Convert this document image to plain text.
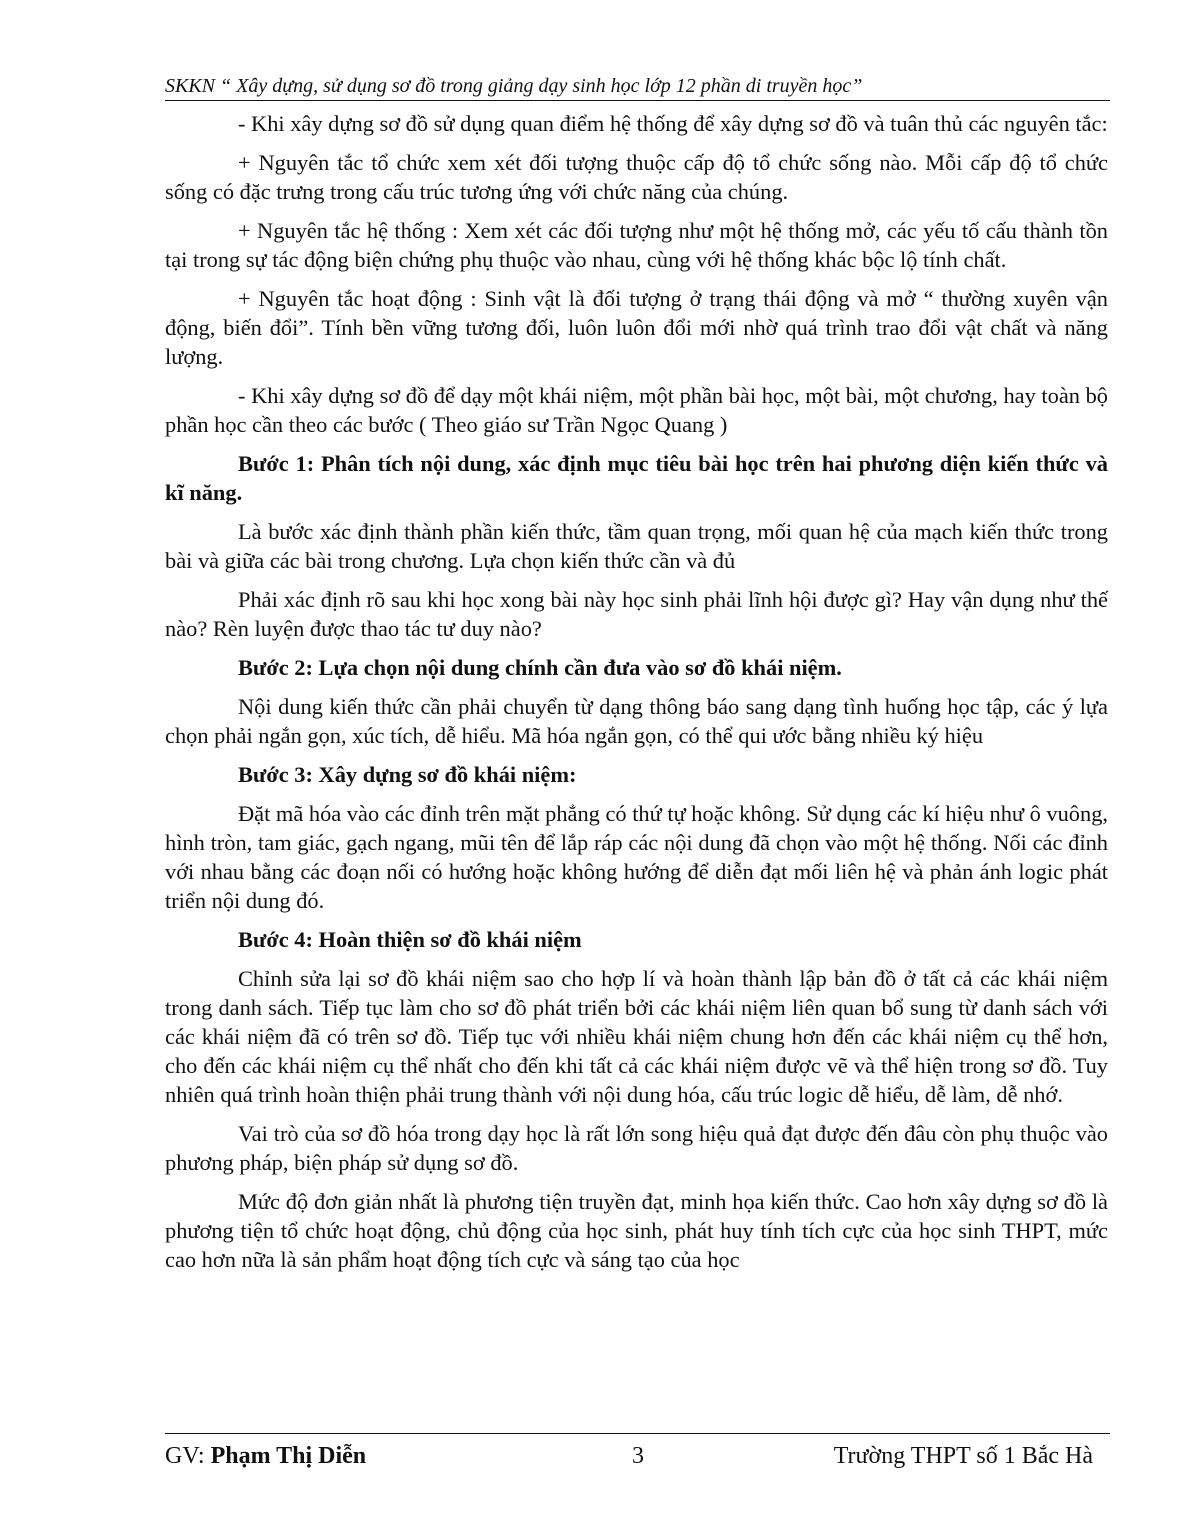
SKKN “ Xây dựng, sử dụng sơ đồ trong giảng dạy sinh học lớp 12 phần di truyền học”

- Khi xây dựng sơ đồ sử dụng quan điểm hệ thống để xây dựng sơ đồ và tuân thủ các nguyên tắc:

+ Nguyên tắc tổ chức xem xét đối tượng thuộc cấp độ tổ chức sống nào. Mỗi cấp độ tổ chức sống có đặc trưng trong cấu trúc tương ứng với chức năng của chúng.

+ Nguyên tắc hệ thống : Xem xét các đối tượng như một hệ thống mở, các yếu tố cấu thành tồn tại trong sự tác động biện chứng phụ thuộc vào nhau, cùng với hệ thống khác bộc lộ tính chất.

+ Nguyên tắc hoạt động : Sinh vật là đối tượng ở trạng thái động và mở “ thường xuyên vận động, biến đổi”. Tính bền vững tương đối, luôn luôn đổi mới nhờ quá trình trao đổi vật chất và năng lượng.

- Khi xây dựng sơ đồ để dạy một khái niệm, một phần bài học, một bài, một chương, hay toàn bộ phần học cần theo các bước ( Theo giáo sư Trần Ngọc Quang )

Bước 1: Phân tích nội dung, xác định mục tiêu bài học trên hai phương diện kiến thức và kĩ năng.

Là bước xác định thành phần kiến thức, tầm quan trọng, mối quan hệ của mạch kiến thức trong bài và giữa các bài trong chương. Lựa chọn kiến thức cần và đủ

Phải xác định rõ sau khi học xong bài này học sinh phải lĩnh hội được gì? Hay vận dụng như thế nào? Rèn luyện được thao tác tư duy nào?

Bước 2: Lựa chọn nội dung chính cần đưa vào sơ đồ khái niệm.

Nội dung kiến thức cần phải chuyển từ dạng thông báo sang dạng tình huống học tập, các ý lựa chọn phải ngắn gọn, xúc tích, dễ hiểu. Mã hóa ngắn gọn, có thể qui ước bằng nhiều ký hiệu

Bước 3: Xây dựng sơ đồ khái niệm:

Đặt mã hóa vào các đỉnh trên mặt phẳng có thứ tự hoặc không. Sử dụng các kí hiệu như ô vuông, hình tròn, tam giác, gạch ngang, mũi tên để lắp ráp các nội dung đã chọn vào một hệ thống. Nối các đỉnh với nhau bằng các đoạn nối có hướng hoặc không hướng để diễn đạt mối liên hệ và phản ánh logic phát triển nội dung đó.

Bước 4: Hoàn thiện sơ đồ khái niệm

Chỉnh sửa lại sơ đồ khái niệm sao cho hợp lí và hoàn thành lập bản đồ ở tất cả các khái niệm trong danh sách. Tiếp tục làm cho sơ đồ phát triển bởi các khái niệm liên quan bổ sung từ danh sách với các khái niệm đã có trên sơ đồ. Tiếp tục với nhiều khái niệm chung hơn đến các khái niệm cụ thể hơn, cho đến các khái niệm cụ thể nhất cho đến khi tất cả các khái niệm được vẽ và thể hiện trong sơ đồ. Tuy nhiên quá trình hoàn thiện phải trung thành với nội dung hóa, cấu trúc logic dễ hiểu, dễ làm, dễ nhớ.

Vai trò của sơ đồ hóa trong dạy học là rất lớn song hiệu quả đạt được đến đâu còn phụ thuộc vào phương pháp, biện pháp sử dụng sơ đồ.

Mức độ đơn giản nhất là phương tiện truyền đạt, minh họa kiến thức. Cao hơn xây dựng sơ đồ là phương tiện tổ chức hoạt động, chủ động của học sinh, phát huy tính tích cực của học sinh THPT, mức cao hơn nữa là sản phẩm hoạt động tích cực và sáng tạo của học

GV: Phạm Thị Diễn	3	Trường THPT số 1 Bắc Hà
